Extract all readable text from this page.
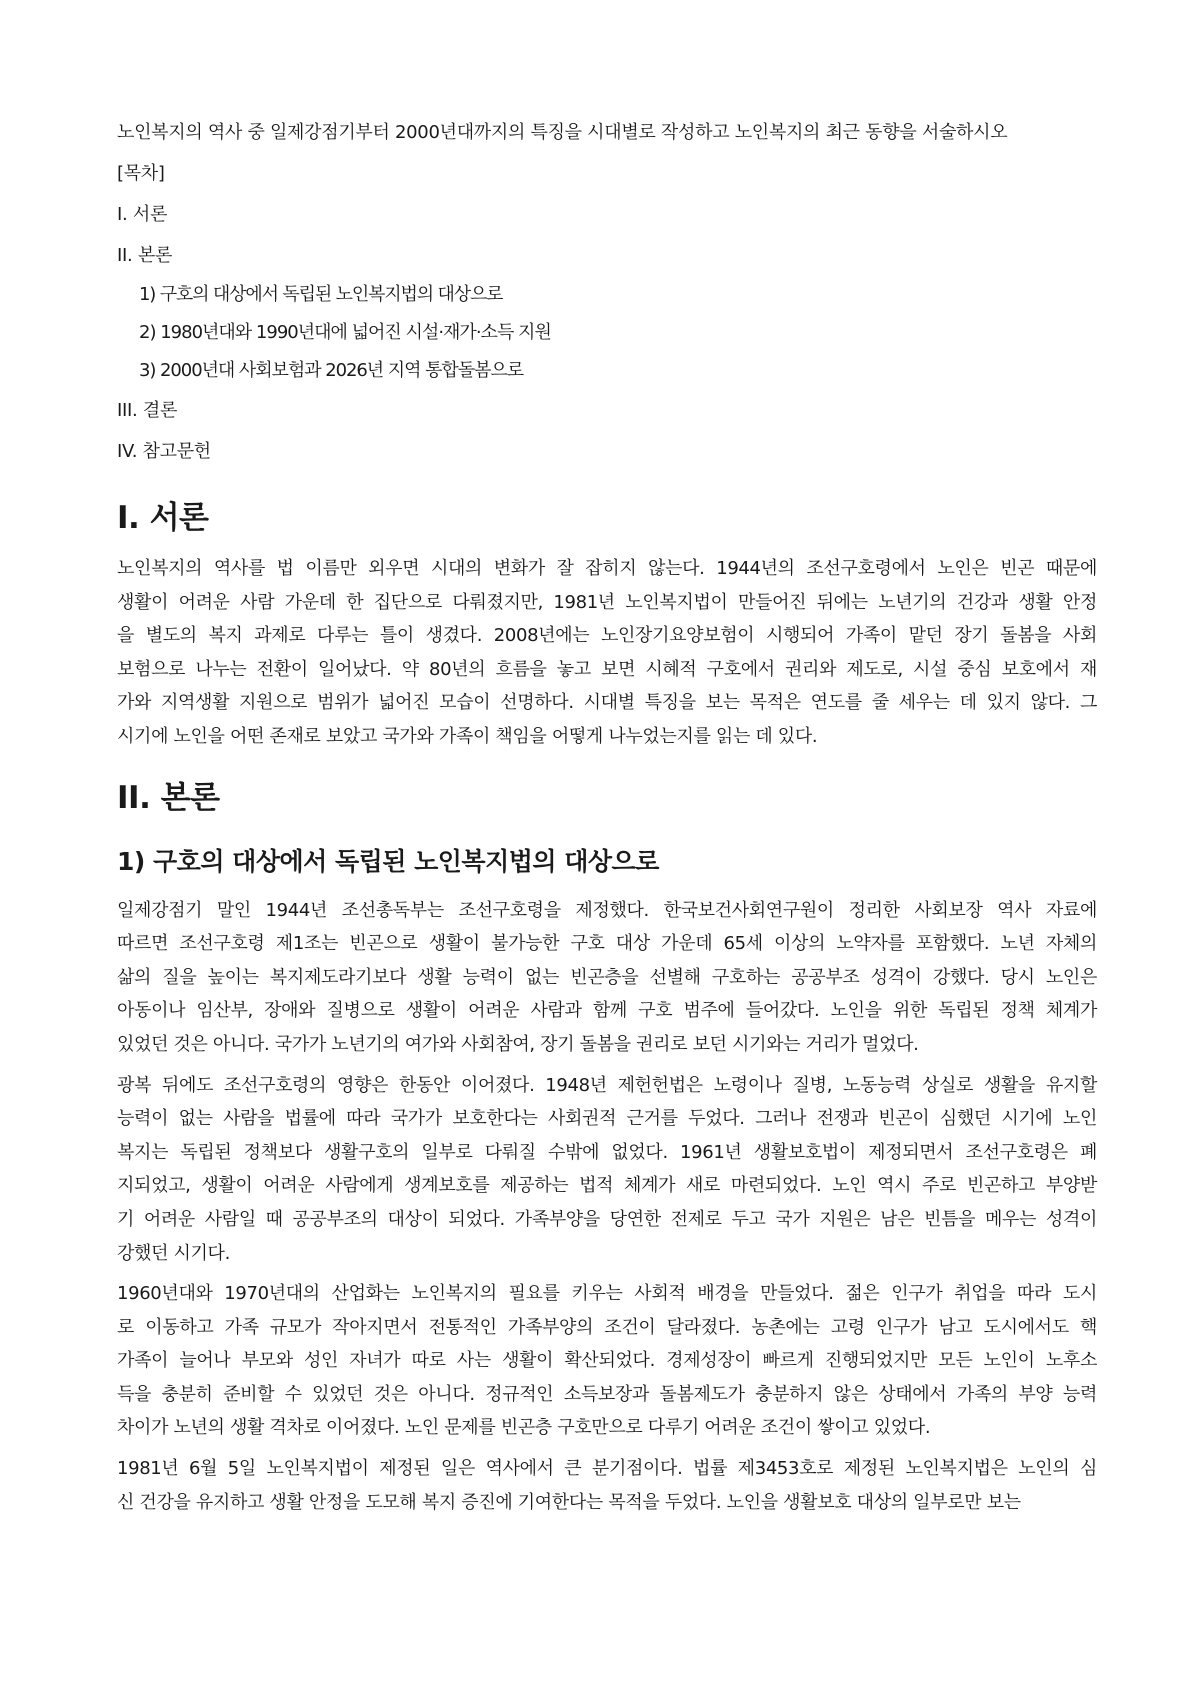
노인복지의 역사 중 일제강점기부터 2000년대까지의 특징을 시대별로 작성하고 노인복지의 최근 동향을 서술하시오
[목차]
I. 서론
II. 본론
1) 구호의 대상에서 독립된 노인복지법의 대상으로
2) 1980년대와 1990년대에 넓어진 시설·재가·소득 지원
3) 2000년대 사회보험과 2026년 지역 통합돌봄으로
III. 결론
IV. 참고문헌
I. 서론
노인복지의 역사를 법 이름만 외우면 시대의 변화가 잘 잡히지 않는다. 1944년의 조선구호령에서 노인은 빈곤 때문에
생활이 어려운 사람 가운데 한 집단으로 다뤄졌지만, 1981년 노인복지법이 만들어진 뒤에는 노년기의 건강과 생활 안정
을 별도의 복지 과제로 다루는 틀이 생겼다. 2008년에는 노인장기요양보험이 시행되어 가족이 맡던 장기 돌봄을 사회
보험으로 나누는 전환이 일어났다. 약 80년의 흐름을 놓고 보면 시혜적 구호에서 권리와 제도로, 시설 중심 보호에서 재
가와 지역생활 지원으로 범위가 넓어진 모습이 선명하다. 시대별 특징을 보는 목적은 연도를 줄 세우는 데 있지 않다. 그
시기에 노인을 어떤 존재로 보았고 국가와 가족이 책임을 어떻게 나누었는지를 읽는 데 있다.
II. 본론
1) 구호의 대상에서 독립된 노인복지법의 대상으로
일제강점기 말인 1944년 조선총독부는 조선구호령을 제정했다. 한국보건사회연구원이 정리한 사회보장 역사 자료에
따르면 조선구호령 제1조는 빈곤으로 생활이 불가능한 구호 대상 가운데 65세 이상의 노약자를 포함했다. 노년 자체의
삶의 질을 높이는 복지제도라기보다 생활 능력이 없는 빈곤층을 선별해 구호하는 공공부조 성격이 강했다. 당시 노인은
아동이나 임산부, 장애와 질병으로 생활이 어려운 사람과 함께 구호 범주에 들어갔다. 노인을 위한 독립된 정책 체계가
있었던 것은 아니다. 국가가 노년기의 여가와 사회참여, 장기 돌봄을 권리로 보던 시기와는 거리가 멀었다.
광복 뒤에도 조선구호령의 영향은 한동안 이어졌다. 1948년 제헌헌법은 노령이나 질병, 노동능력 상실로 생활을 유지할
능력이 없는 사람을 법률에 따라 국가가 보호한다는 사회권적 근거를 두었다. 그러나 전쟁과 빈곤이 심했던 시기에 노인
복지는 독립된 정책보다 생활구호의 일부로 다뤄질 수밖에 없었다. 1961년 생활보호법이 제정되면서 조선구호령은 폐
지되었고, 생활이 어려운 사람에게 생계보호를 제공하는 법적 체계가 새로 마련되었다. 노인 역시 주로 빈곤하고 부양받
기 어려운 사람일 때 공공부조의 대상이 되었다. 가족부양을 당연한 전제로 두고 국가 지원은 남은 빈틈을 메우는 성격이
강했던 시기다.
1960년대와 1970년대의 산업화는 노인복지의 필요를 키우는 사회적 배경을 만들었다. 젊은 인구가 취업을 따라 도시
로 이동하고 가족 규모가 작아지면서 전통적인 가족부양의 조건이 달라졌다. 농촌에는 고령 인구가 남고 도시에서도 핵
가족이 늘어나 부모와 성인 자녀가 따로 사는 생활이 확산되었다. 경제성장이 빠르게 진행되었지만 모든 노인이 노후소
득을 충분히 준비할 수 있었던 것은 아니다. 정규적인 소득보장과 돌봄제도가 충분하지 않은 상태에서 가족의 부양 능력
차이가 노년의 생활 격차로 이어졌다. 노인 문제를 빈곤층 구호만으로 다루기 어려운 조건이 쌓이고 있었다.
1981년 6월 5일 노인복지법이 제정된 일은 역사에서 큰 분기점이다. 법률 제3453호로 제정된 노인복지법은 노인의 심
신 건강을 유지하고 생활 안정을 도모해 복지 증진에 기여한다는 목적을 두었다. 노인을 생활보호 대상의 일부로만 보는
